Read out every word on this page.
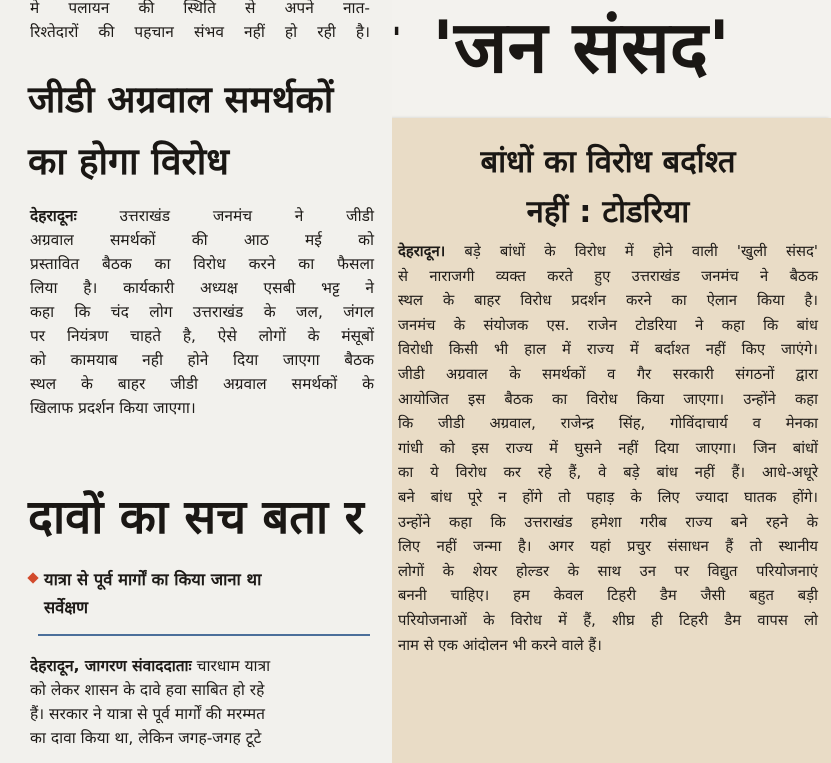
मे पलायन की स्थिति से अपने नात-
रिश्तेदारों की पहचान संभव नहीं हो रही है।
जीडी अग्रवाल समर्थकों
का होगा विरोध
देहरादूनः	उत्तराखंड जनमंच ने जीडी
अग्रवाल समर्थकों की आठ मई को
प्रस्तावित बैठक का विरोध करने का फैसला
लिया है। कार्यकारी अध्यक्ष एसबी भट्ट ने
कहा कि चंद लोग उत्तराखंड के जल, जंगल
पर नियंत्रण चाहते है, ऐसे लोगों के मंसूबों
को कामयाब नही होने दिया जाएगा बैठक
स्थल के बाहर जीडी अग्रवाल समर्थकों के
खिलाफ प्रदर्शन किया जाएगा।
दावों का सच बता र

यात्रा से पूर्व मार्गों का किया जाना था

सर्वेक्षण

देहरादून, जागरण संवाददाताः चारधाम यात्रा
को लेकर शासन के दावे हवा साबित हो रहे
हैं। सरकार ने यात्रा से पूर्व मार्गों की मरम्मत
का दावा किया था, लेकिन जगह-जगह टूटे
' 'जन संसद'
बांधों का विरोध बर्दाश्त
नहीं : टोडरिया
देहरादून। बड़े बांधों के विरोध में होने वाली 'खुली संसद'
से नाराजगी व्यक्त करते हुए उत्तराखंड जनमंच ने बैठक
स्थल के बाहर विरोध प्रदर्शन करने का ऐलान किया है।
जनमंच के संयोजक एस. राजेन टोडरिया ने कहा कि बांध
विरोधी किसी भी हाल में राज्य में बर्दाश्त नहीं किए जाएंगे।
जीडी अग्रवाल के समर्थकों व गैर सरकारी संगठनों द्वारा
आयोजित इस बैठक का विरोध किया जाएगा। उन्होंने कहा
कि जीडी अग्रवाल, राजेन्द्र सिंह, गोविंदाचार्य व मेनका
गांधी को इस राज्य में घुसने नहीं दिया जाएगा। जिन बांधों
का ये विरोध कर रहे हैं, वे बड़े बांध नहीं हैं। आधे-अधूरे
बने बांध पूरे न होंगे तो पहाड़ के लिए ज्यादा घातक होंगे।
उन्होंने कहा कि उत्तराखंड हमेशा गरीब राज्य बने रहने के
लिए नहीं जन्मा है। अगर यहां प्रचुर संसाधन हैं तो स्थानीय
लोगों के शेयर होल्डर के साथ उन पर विद्युत परियोजनाएं
बननी चाहिए। हम केवल टिहरी डैम जैसी बहुत बड़ी
परियोजनाओं के विरोध में हैं, शीघ्र ही टिहरी डैम वापस लो
नाम से एक आंदोलन भी करने वाले हैं।
